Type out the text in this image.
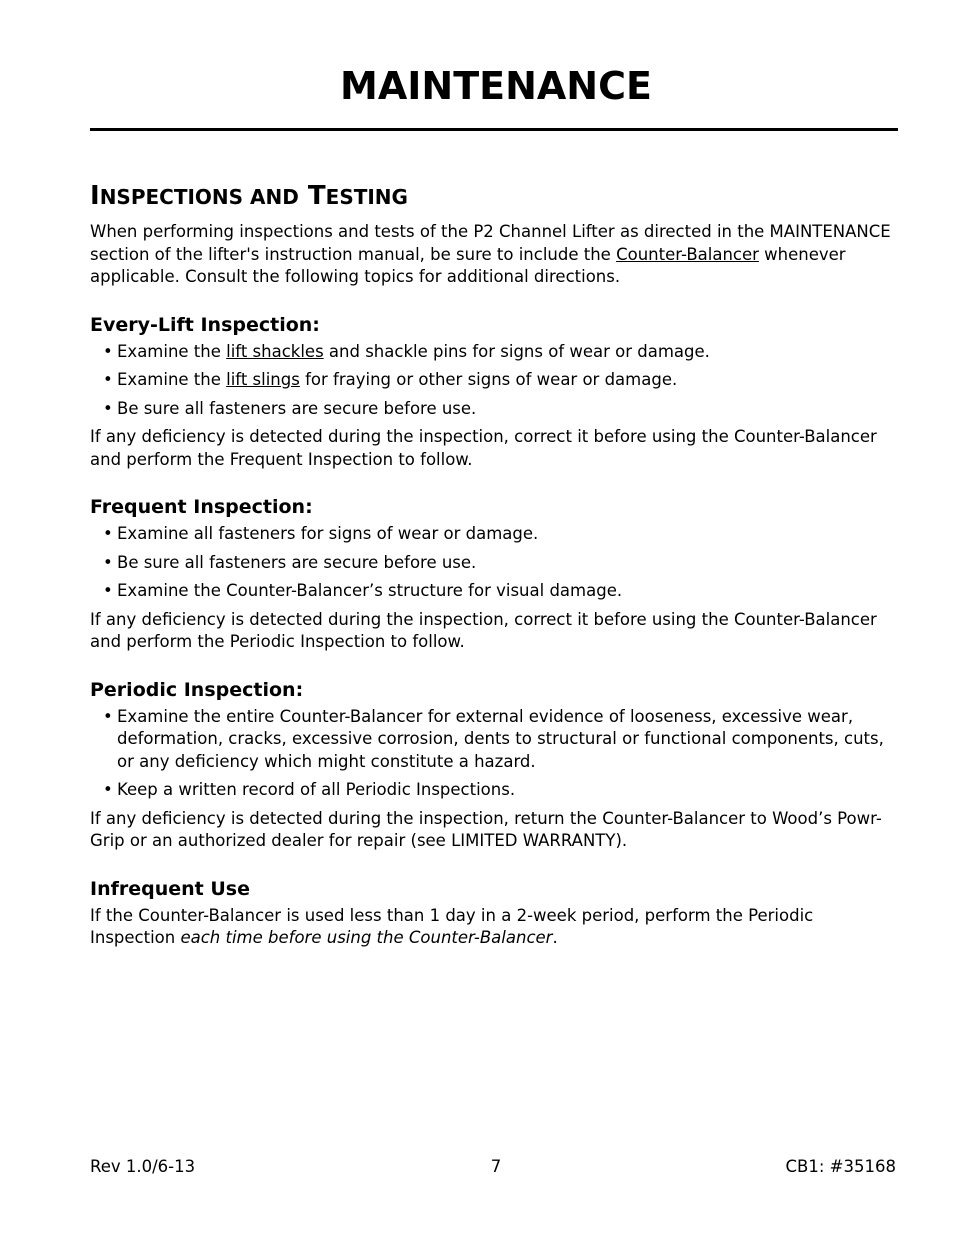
MAINTENANCE
INSPECTIONS AND TESTING

When performing inspections and tests of the P2 Channel Lifter as directed in the MAINTENANCE section of the lifter's instruction manual, be sure to include the Counter-Balancer whenever applicable. Consult the following topics for additional directions.

Every-Lift Inspection:

• Examine the lift shackles and shackle pins for signs of wear or damage.

• Examine the lift slings for fraying or other signs of wear or damage.

• Be sure all fasteners are secure before use.

If any deficiency is detected during the inspection, correct it before using the Counter-Balancer and perform the Frequent Inspection to follow.

Frequent Inspection:

• Examine all fasteners for signs of wear or damage.

• Be sure all fasteners are secure before use.

• Examine the Counter-Balancer’s structure for visual damage.

If any deficiency is detected during the inspection, correct it before using the Counter-Balancer and perform the Periodic Inspection to follow.

Periodic Inspection:

• Examine the entire Counter-Balancer for external evidence of looseness, excessive wear, deformation, cracks, excessive corrosion, dents to structural or functional components, cuts, or any deficiency which might constitute a hazard.

• Keep a written record of all Periodic Inspections.

If any deficiency is detected during the inspection, return the Counter-Balancer to Wood’s Powr-Grip or an authorized dealer for repair (see LIMITED WARRANTY).

Infrequent Use

If the Counter-Balancer is used less than 1 day in a 2-week period, perform the Periodic Inspection each time before using the Counter-Balancer.

Rev 1.0/6-13	7	CB1: #35168
